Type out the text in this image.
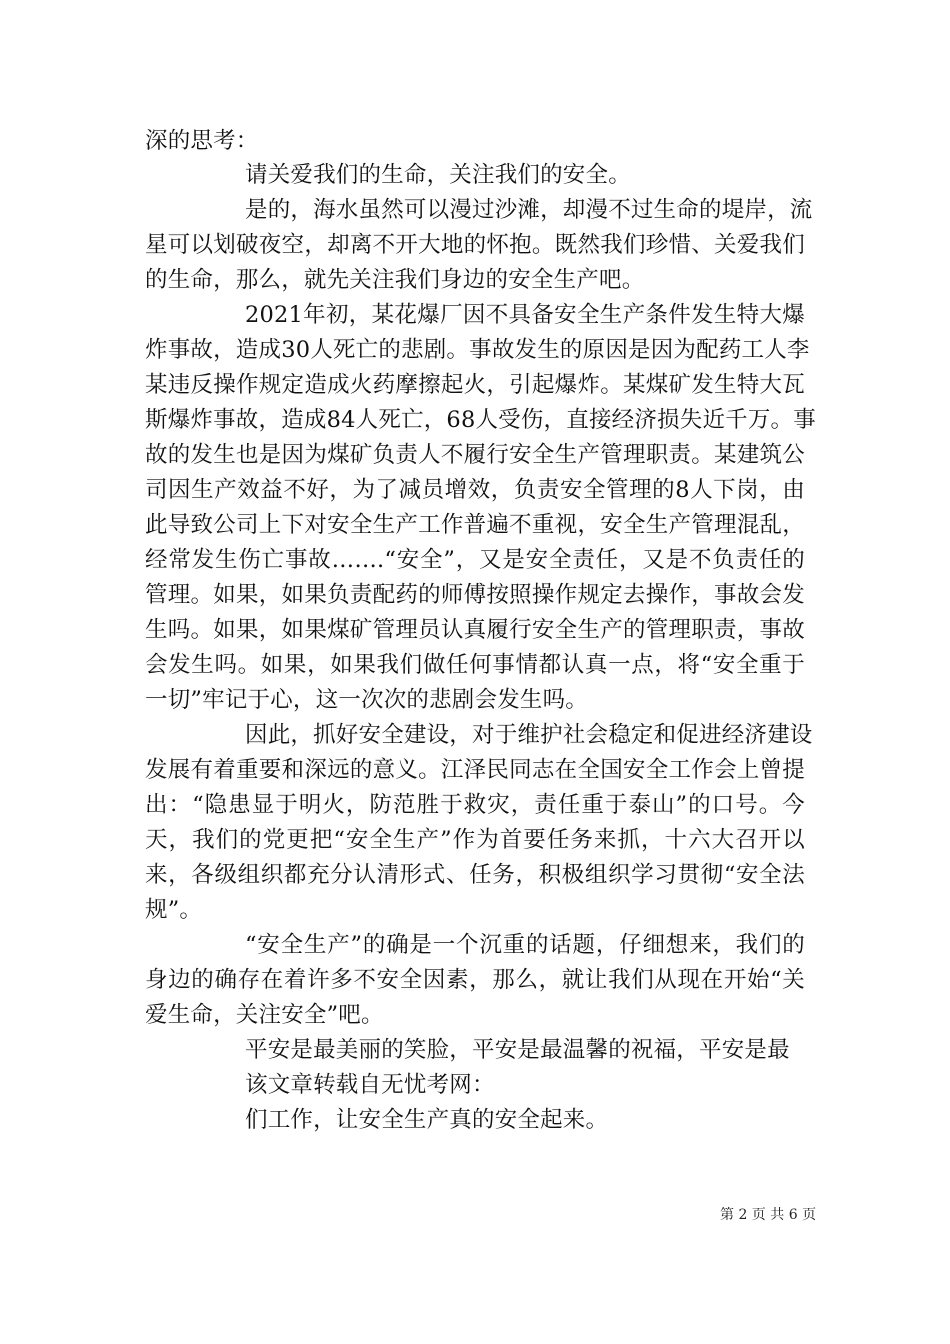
深的思考：
请关爱我们的生命，关注我们的安全。
是的，海水虽然可以漫过沙滩，却漫不过生命的堤岸，流
星可以划破夜空，却离不开大地的怀抱。既然我们珍惜、关爱我们
的生命，那么，就先关注我们身边的安全生产吧。
2021年初，某花爆厂因不具备安全生产条件发生特大爆
炸事故，造成30人死亡的悲剧。事故发生的原因是因为配药工人李
某违反操作规定造成火药摩擦起火，引起爆炸。某煤矿发生特大瓦
斯爆炸事故，造成84人死亡，68人受伤，直接经济损失近千万。事
故的发生也是因为煤矿负责人不履行安全生产管理职责。某建筑公
司因生产效益不好，为了减员增效，负责安全管理的8人下岗，由
此导致公司上下对安全生产工作普遍不重视，安全生产管理混乱，
经常发生伤亡事故…….“安全”，又是安全责任，又是不负责任的
管理。如果，如果负责配药的师傅按照操作规定去操作，事故会发
生吗。如果，如果煤矿管理员认真履行安全生产的管理职责，事故
会发生吗。如果，如果我们做任何事情都认真一点，将“安全重于
一切”牢记于心，这一次次的悲剧会发生吗。
因此，抓好安全建设，对于维护社会稳定和促进经济建设
发展有着重要和深远的意义。江泽民同志在全国安全工作会上曾提
出：“隐患显于明火，防范胜于救灾，责任重于泰山”的口号。今
天，我们的党更把“安全生产”作为首要任务来抓，十六大召开以
来，各级组织都充分认清形式、任务，积极组织学习贯彻“安全法
规”。
“安全生产”的确是一个沉重的话题，仔细想来，我们的
身边的确存在着许多不安全因素，那么，就让我们从现在开始“关
爱生命，关注安全”吧。
平安是最美丽的笑脸，平安是最温馨的祝福，平安是最
该文章转载自无忧考网：
们工作，让安全生产真的安全起来。
第 2 页 共 6 页
